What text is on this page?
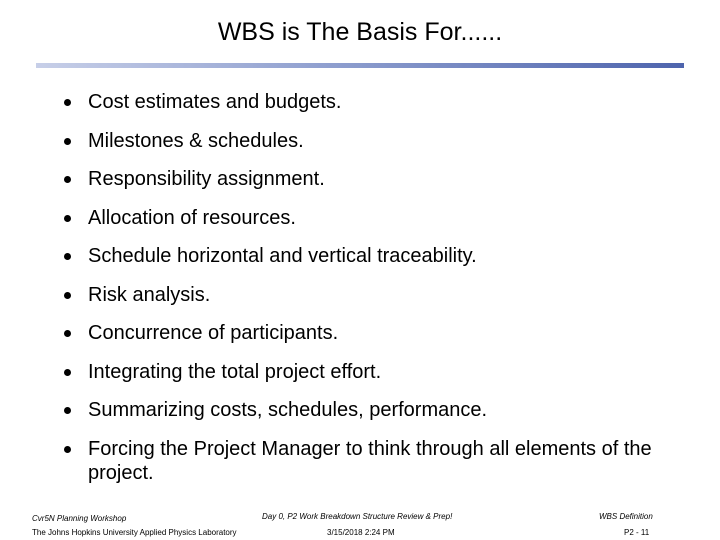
WBS is The Basis For......
Cost estimates and budgets.
Milestones & schedules.
Responsibility assignment.
Allocation of resources.
Schedule horizontal and vertical traceability.
Risk analysis.
Concurrence of participants.
Integrating the total project effort.
Summarizing costs, schedules, performance.
Forcing the Project Manager to think through all elements of the project.
Cvr5N Planning Workshop
The Johns Hopkins University Applied Physics Laboratory
Day 0, P2 Work Breakdown Structure Review & Prep!
3/15/2018 2:24 PM
WBS Definition
P2 - 11
